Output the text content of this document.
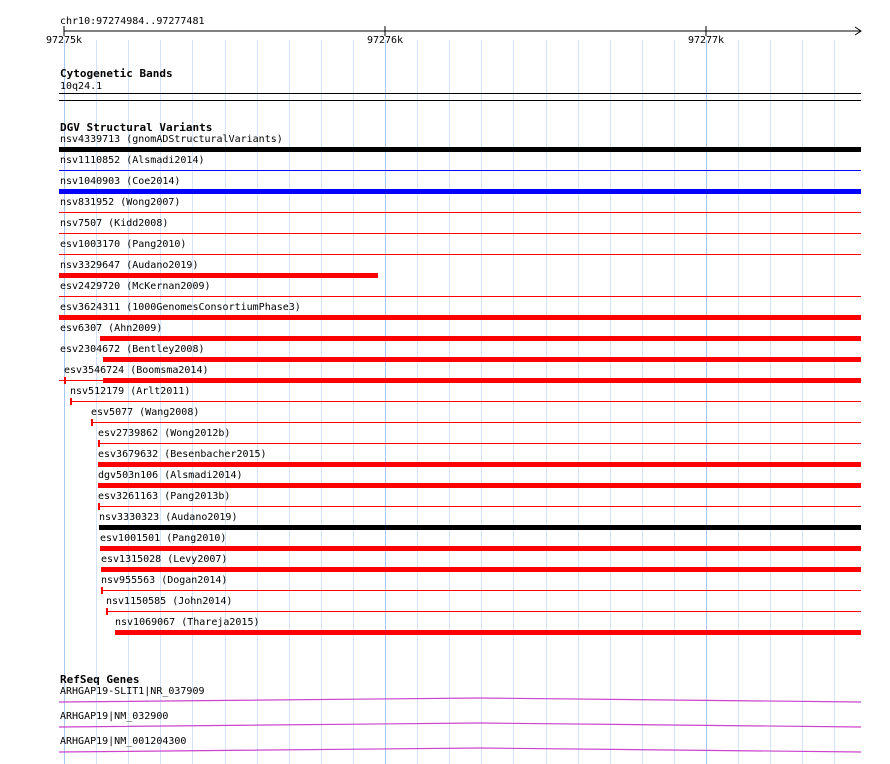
chr10:97274984..97277481
97275k	97276k	97277k
Cytogenetic Bands
10q24.1
DGV Structural Variants
nsv4339713 (gnomADStructuralVariants)
nsv1110852 (Alsmadi2014)
nsv1040903 (Coe2014)
nsv831952 (Wong2007)
nsv7507 (Kidd2008)
esv1003170 (Pang2010)
nsv3329647 (Audano2019)
esv2429720 (McKernan2009)
esv3624311 (1000GenomesConsortiumPhase3)
esv6307 (Ahn2009)
esv2304672 (Bentley2008)
esv3546724 (Boomsma2014)
nsv512179 (Arlt2011)
esv5077 (Wang2008)
esv2739862 (Wong2012b)
esv3679632 (Besenbacher2015)
dgv503n106 (Alsmadi2014)
esv3261163 (Pang2013b)
nsv3330323 (Audano2019)
esv1001501 (Pang2010)
esv1315028 (Levy2007)
nsv955563 (Dogan2014)
nsv1150585 (John2014)
nsv1069067 (Thareja2015)
RefSeq Genes
ARHGAP19-SLIT1|NR_037909
ARHGAP19|NM_032900
ARHGAP19|NM_001204300
